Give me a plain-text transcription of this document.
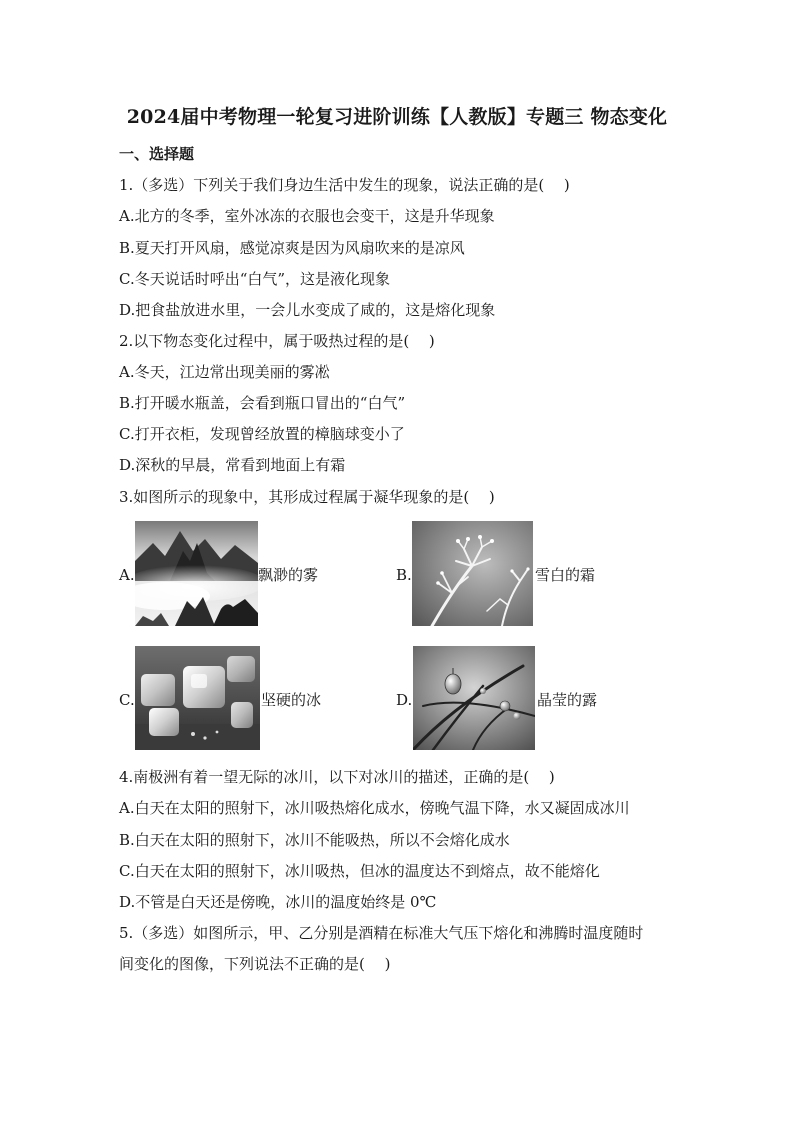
2024届中考物理一轮复习进阶训练【人教版】专题三 物态变化
一、选择题
1.（多选）下列关于我们身边生活中发生的现象，说法正确的是(　 )
A.北方的冬季，室外冰冻的衣服也会变干，这是升华现象
B.夏天打开风扇，感觉凉爽是因为风扇吹来的是凉风
C.冬天说话时呼出“白气”，这是液化现象
D.把食盐放进水里，一会儿水变成了咸的，这是熔化现象
2.以下物态变化过程中，属于吸热过程的是(　 )
A.冬天，江边常出现美丽的雾凇
B.打开暖水瓶盖，会看到瓶口冒出的“白气”
C.打开衣柜，发现曾经放置的樟脑球变小了
D.深秋的早晨，常看到地面上有霜
3.如图所示的现象中，其形成过程属于凝华现象的是(　 )
A.	飘渺的雾	B.	雪白的霜
C.	坚硬的冰	D.	晶莹的露
4.南极洲有着一望无际的冰川，以下对冰川的描述，正确的是(　 )
A.白天在太阳的照射下，冰川吸热熔化成水，傍晚气温下降，水又凝固成冰川
B.白天在太阳的照射下，冰川不能吸热，所以不会熔化成水
C.白天在太阳的照射下，冰川吸热，但冰的温度达不到熔点，故不能熔化
D.不管是白天还是傍晚，冰川的温度始终是 0℃
5.（多选）如图所示，甲、乙分别是酒精在标准大气压下熔化和沸腾时温度随时
间变化的图像，下列说法不正确的是(　 )
